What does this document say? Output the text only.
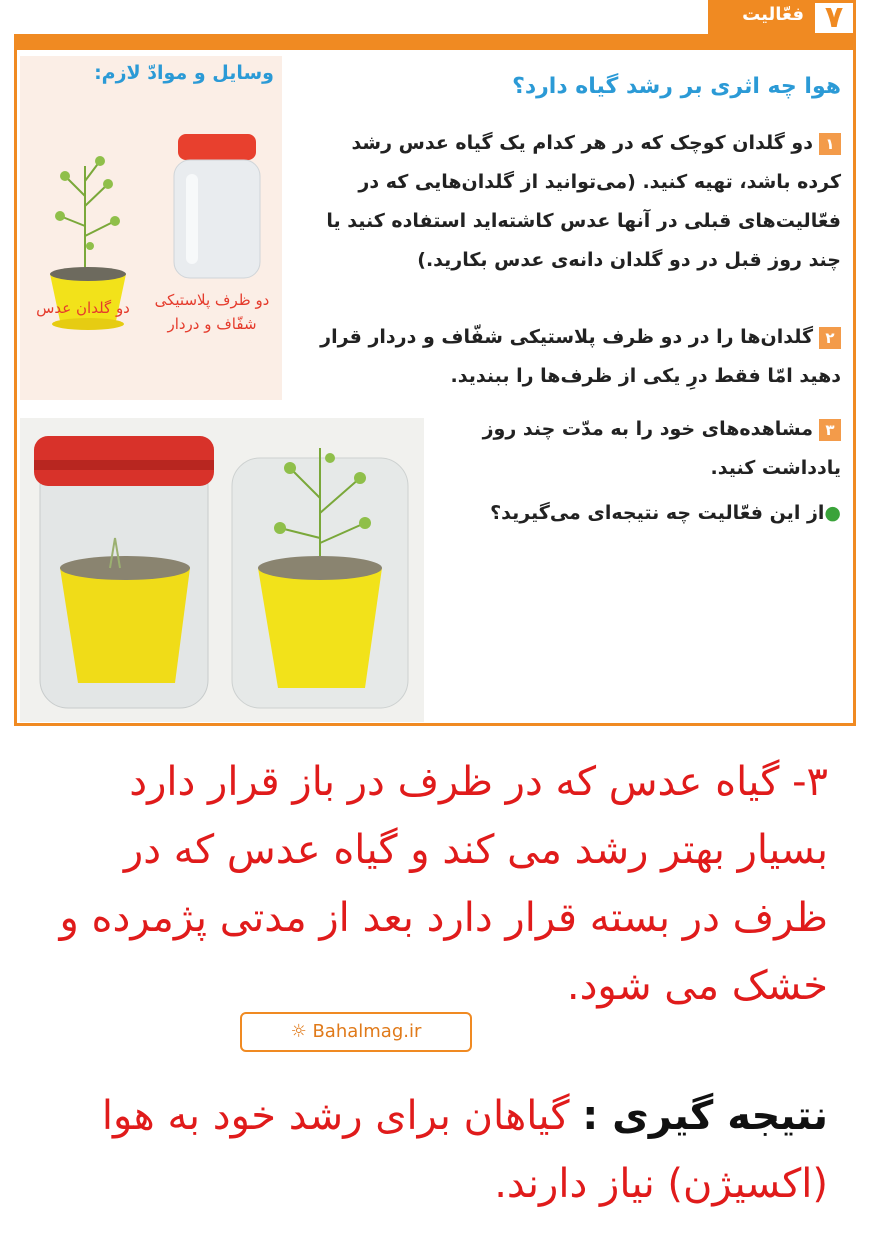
۷
فعّالیت
وسایل و موادّ لازم:
دو گلدان عدس	دو ظرف پلاستیکی شفّاف و دردار
هوا چه اثری بر رشد گیاه دارد؟
۱دو گلدان کوچک که در هر کدام یک گیاه عدس رشد کرده باشد، تهیه کنید. (می‌توانید از گلدان‌هایی که در فعّالیت‌های قبلی در آنها عدس کاشته‌اید استفاده کنید یا چند روز قبل در دو گلدان دانه‌ی عدس بکارید.)
۲گلدان‌ها را در دو ظرف پلاستیکی شفّاف و دردار قرار دهید امّا فقط درِ یکی از ظرف‌ها را ببندید.
۳مشاهده‌های خود را به مدّت چند روز یادداشت کنید.
●از این فعّالیت چه نتیجه‌ای می‌گیرید؟
۳- گیاه عدس که در ظرف در باز قرار دارد بسیار بهتر رشد می کند و گیاه عدس که در ظرف در بسته قرار دارد بعد از مدتی پژمرده و خشک می شود.
☼ Bahalmag.ir
نتیجه گیری : گیاهان برای رشد خود به هوا (اکسیژن) نیاز دارند.
